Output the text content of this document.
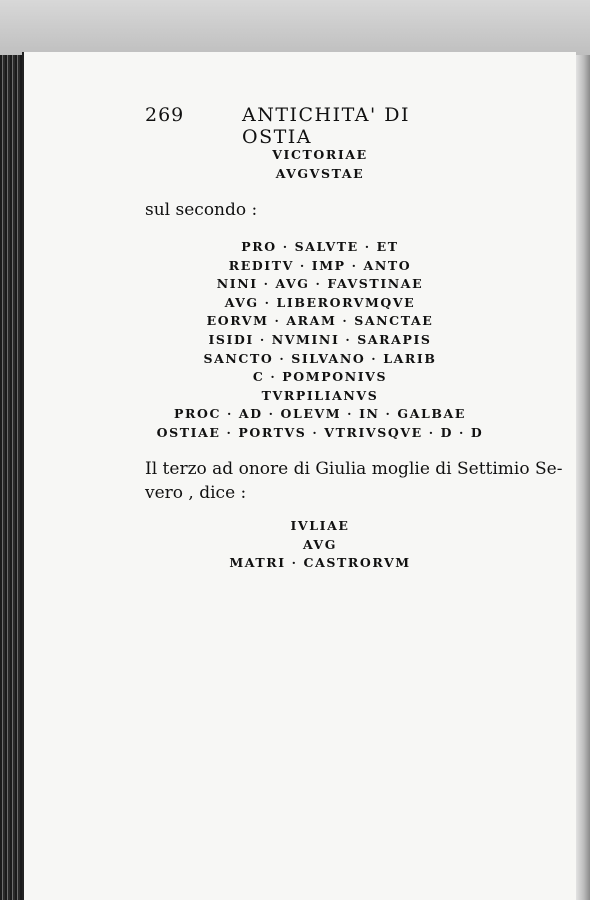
269	ANTICHITA' DI OSTIA
VICTORIAE
AVGVSTAE
sul secondo :
PRO · SALVTE · ET
REDITV · IMP · ANTO
NINI · AVG · FAVSTINAE
AVG · LIBERORVMQVE
EORVM · ARAM · SANCTAE
ISIDI · NVMINI · SARAPIS
SANCTO · SILVANO · LARIB
C · POMPONIVS
TVRPILIANVS
PROC · AD · OLEVM · IN · GALBAE
OSTIAE · PORTVS · VTRIVSQVE · D · D
Il terzo ad onore di Giulia moglie di Settimio Se-
vero , dice :
IVLIAE
AVG
MATRI · CASTRORVM
